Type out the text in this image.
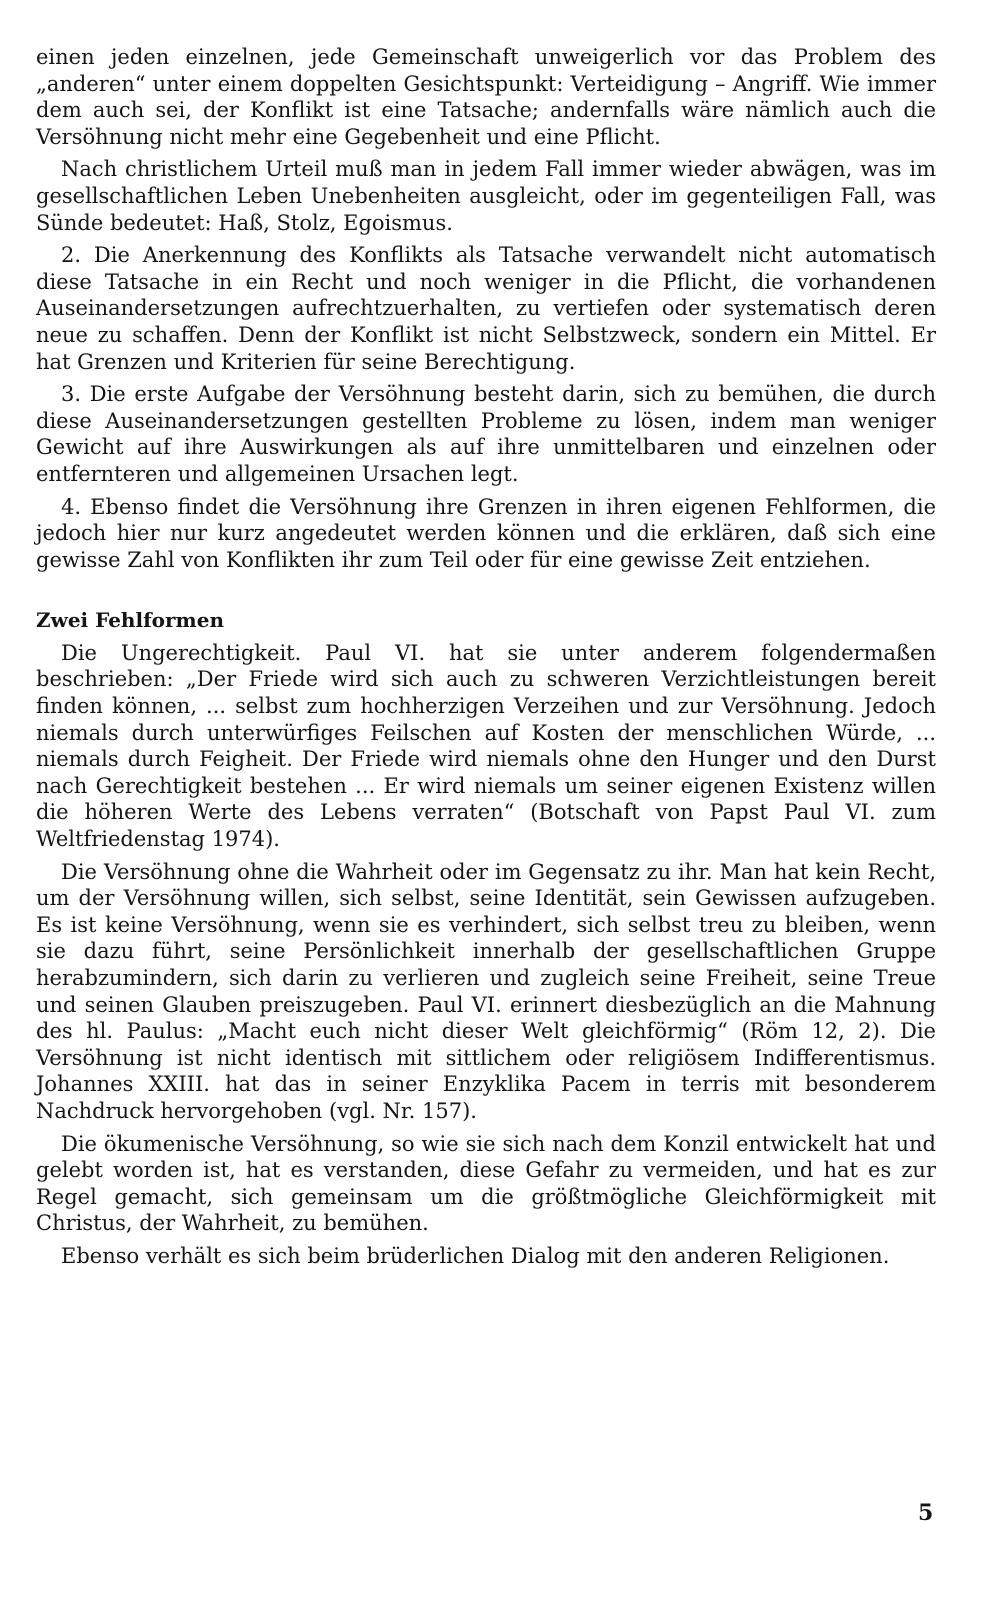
einen jeden einzelnen, jede Gemeinschaft unweigerlich vor das Problem des „anderen“ unter einem doppelten Gesichtspunkt: Verteidigung – Angriff. Wie immer dem auch sei, der Konflikt ist eine Tatsache; andernfalls wäre nämlich auch die Versöhnung nicht mehr eine Gegebenheit und eine Pflicht.

Nach christlichem Urteil muß man in jedem Fall immer wieder abwägen, was im gesellschaftlichen Leben Unebenheiten ausgleicht, oder im gegenteiligen Fall, was Sünde bedeutet: Haß, Stolz, Egoismus.

2. Die Anerkennung des Konflikts als Tatsache verwandelt nicht automatisch diese Tatsache in ein Recht und noch weniger in die Pflicht, die vorhandenen Auseinandersetzungen aufrechtzuerhalten, zu vertiefen oder systematisch deren neue zu schaffen. Denn der Konflikt ist nicht Selbstzweck, sondern ein Mittel. Er hat Grenzen und Kriterien für seine Berechtigung.

3. Die erste Aufgabe der Versöhnung besteht darin, sich zu bemühen, die durch diese Auseinandersetzungen gestellten Probleme zu lösen, indem man weniger Gewicht auf ihre Auswirkungen als auf ihre unmittelbaren und einzelnen oder entfernteren und allgemeinen Ursachen legt.

4. Ebenso findet die Versöhnung ihre Grenzen in ihren eigenen Fehlformen, die jedoch hier nur kurz angedeutet werden können und die erklären, daß sich eine gewisse Zahl von Konflikten ihr zum Teil oder für eine gewisse Zeit entziehen.

Zwei Fehlformen

Die Ungerechtigkeit. Paul VI. hat sie unter anderem folgendermaßen beschrieben: „Der Friede wird sich auch zu schweren Verzichtleistungen bereit finden können, ... selbst zum hochherzigen Verzeihen und zur Versöhnung. Jedoch niemals durch unterwürfiges Feilschen auf Kosten der menschlichen Würde, ... niemals durch Feigheit. Der Friede wird niemals ohne den Hunger und den Durst nach Gerechtigkeit bestehen ... Er wird niemals um seiner eigenen Existenz willen die höheren Werte des Lebens verraten“ (Botschaft von Papst Paul VI. zum Weltfriedenstag 1974).

Die Versöhnung ohne die Wahrheit oder im Gegensatz zu ihr. Man hat kein Recht, um der Versöhnung willen, sich selbst, seine Identität, sein Gewissen aufzugeben. Es ist keine Versöhnung, wenn sie es verhindert, sich selbst treu zu bleiben, wenn sie dazu führt, seine Persönlichkeit innerhalb der gesellschaftlichen Gruppe herabzumindern, sich darin zu verlieren und zugleich seine Freiheit, seine Treue und seinen Glauben preiszugeben. Paul VI. erinnert diesbezüglich an die Mahnung des hl. Paulus: „Macht euch nicht dieser Welt gleichförmig“ (Röm 12, 2). Die Versöhnung ist nicht identisch mit sittlichem oder religiösem Indifferentismus. Johannes XXIII. hat das in seiner Enzyklika Pacem in terris mit besonderem Nachdruck hervorgehoben (vgl. Nr. 157).

Die ökumenische Versöhnung, so wie sie sich nach dem Konzil entwickelt hat und gelebt worden ist, hat es verstanden, diese Gefahr zu vermeiden, und hat es zur Regel gemacht, sich gemeinsam um die größtmögliche Gleichförmigkeit mit Christus, der Wahrheit, zu bemühen.

Ebenso verhält es sich beim brüderlichen Dialog mit den anderen Religionen.

5
